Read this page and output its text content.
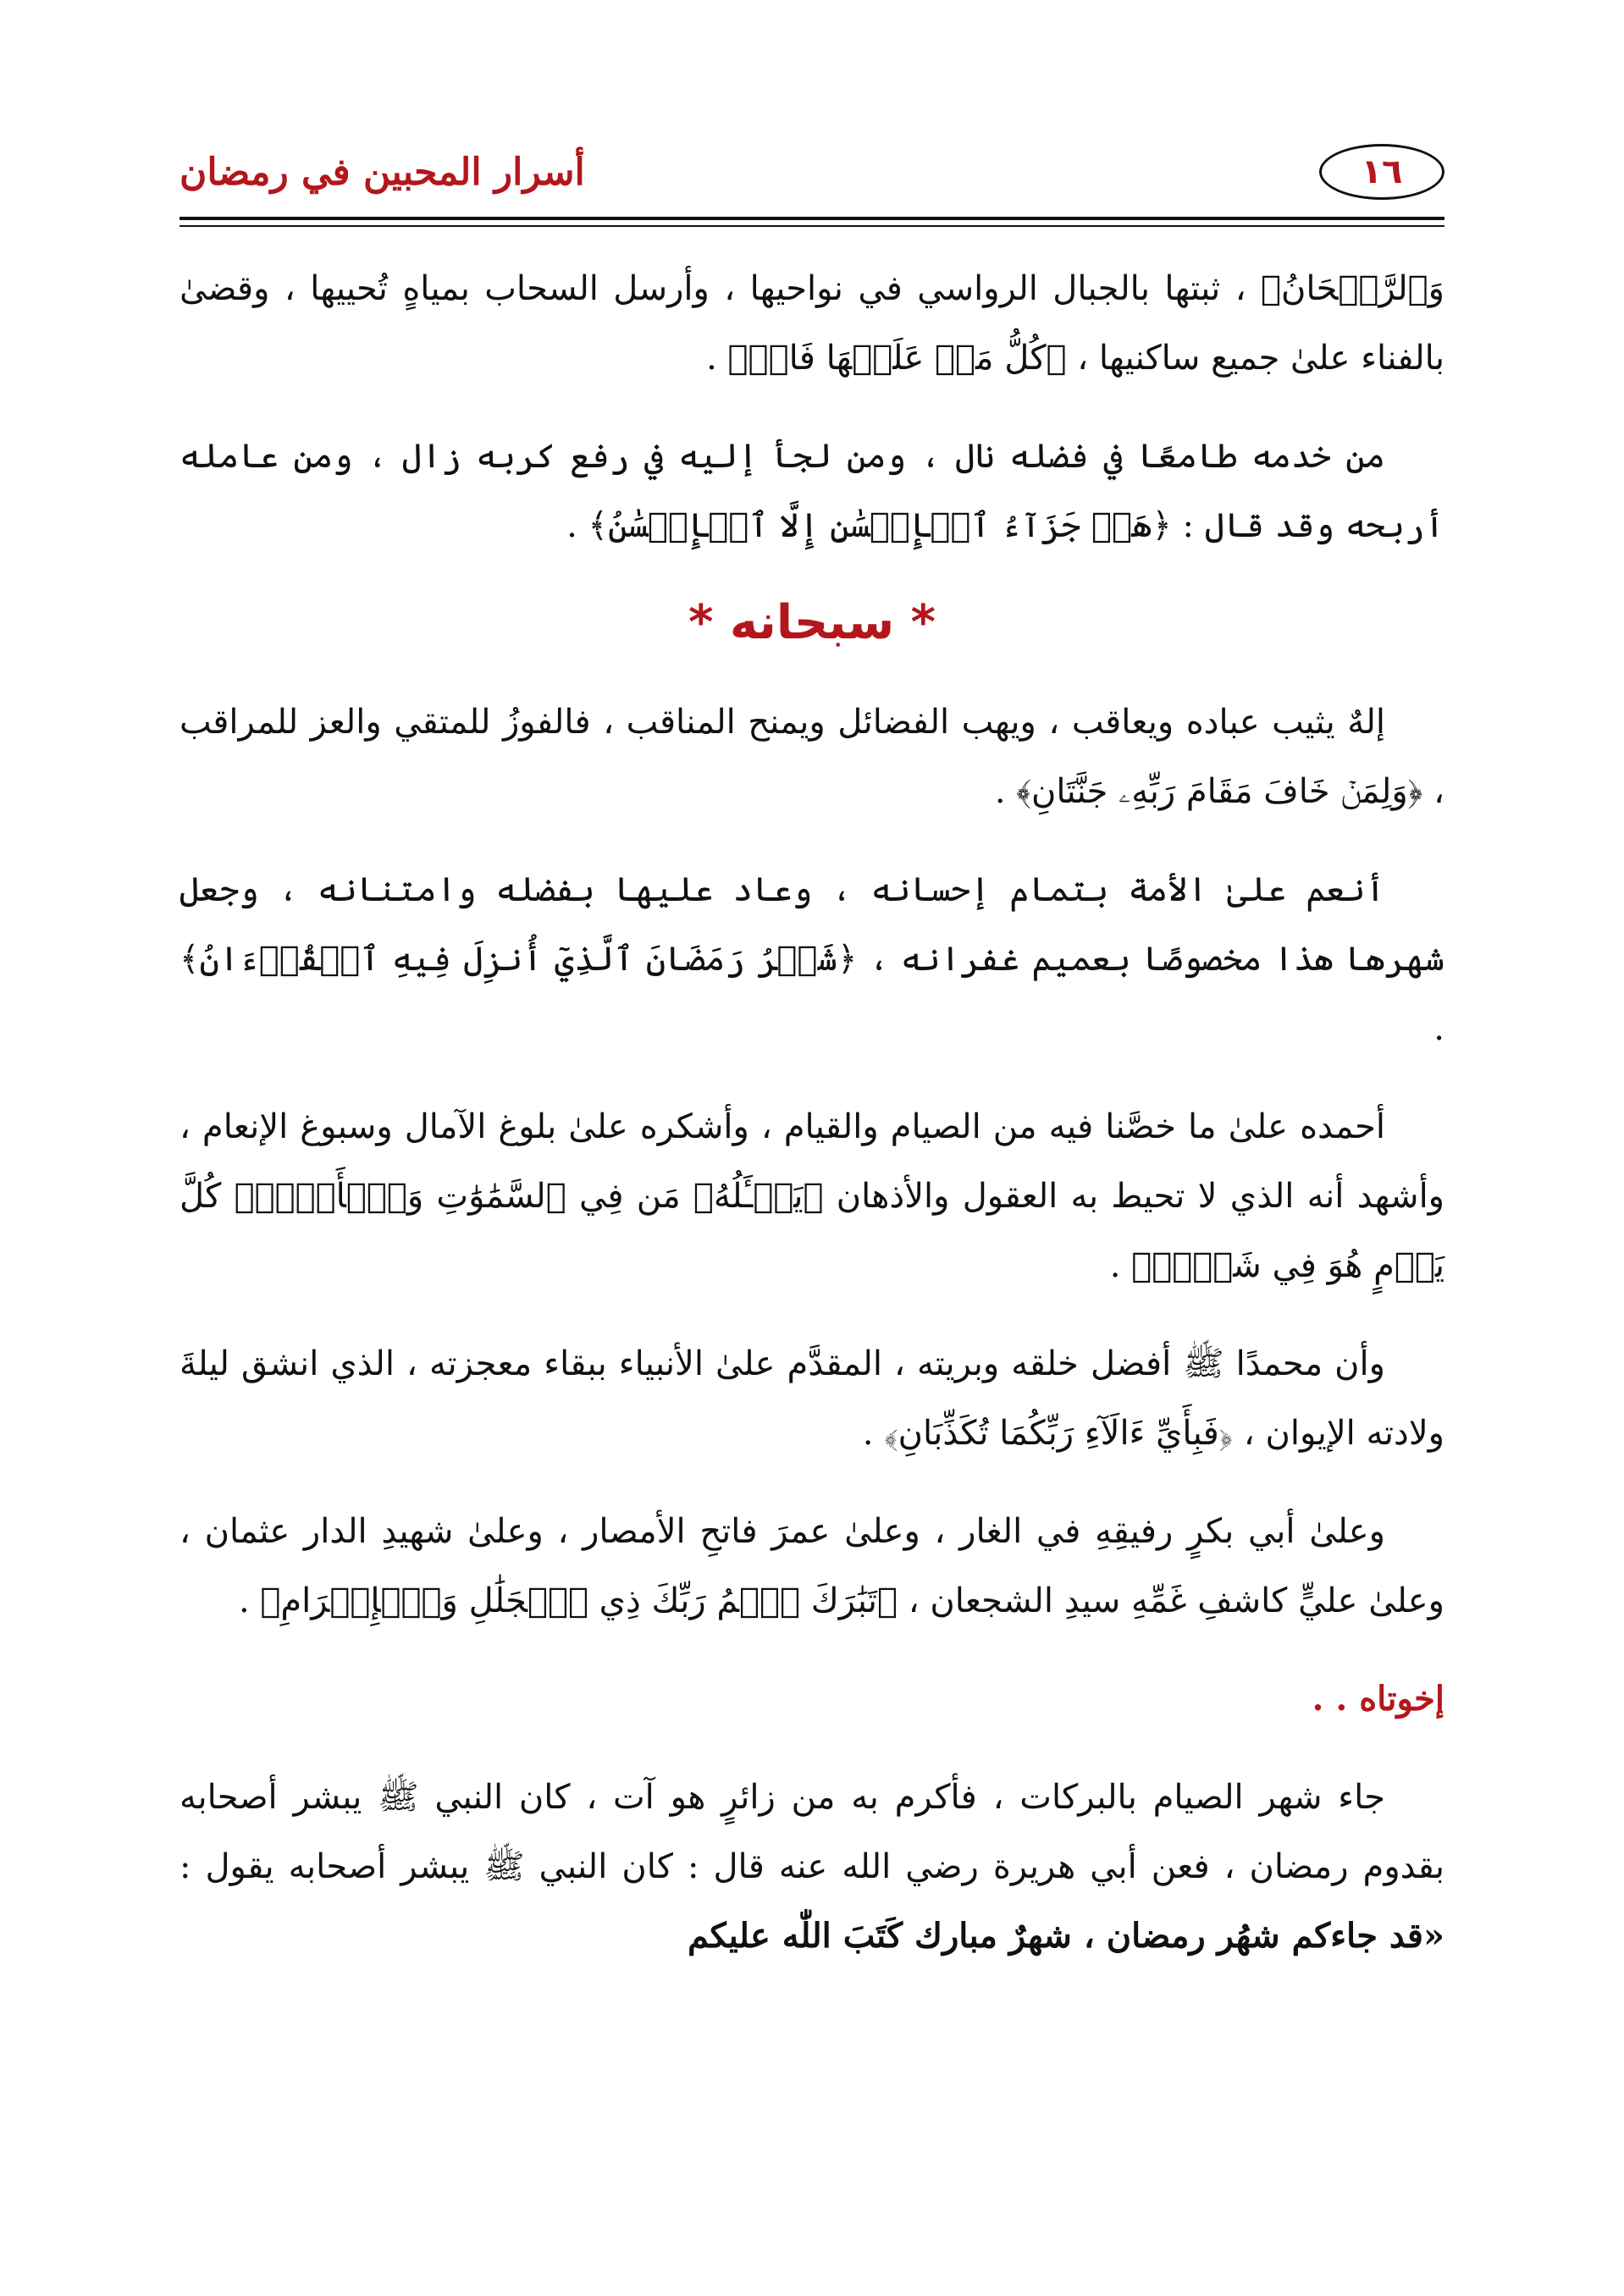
أسرار المحبين في رمضان	١٦

وَٱلرَّيۡحَانُ﴾ ، ثبتها بالجبال الرواسي في نواحيها ، وأرسل السحاب بمياهٍ تُحييها ، وقضىٰ بالفناء علىٰ جميع ساكنيها ، ﴿كُلُّ مَنۡ عَلَيۡهَا فَانٖ﴾ .

من خدمه طامعًا في فضله نال ، ومن لجأ إليه في رفع كربه زال ، ومن عامله أربحه وقد قال : ﴿هَلۡ جَزَآءُ ٱلۡإِحۡسَٰنِ إِلَّا ٱلۡإِحۡسَٰنُ﴾ .

* سبحانه *

إلهٌ يثيب عباده ويعاقب ، ويهب الفضائل ويمنح المناقب ، فالفوزُ للمتقي والعز للمراقب ، ﴿وَلِمَنۡ خَافَ مَقَامَ رَبِّهِۦ جَنَّتَانِ﴾ .

أنعم علىٰ الأمة بتمام إحسانه ، وعاد عليها بفضله وامتنانه ، وجعل شهرها هذا مخصوصًا بعميم غفرانه ، ﴿شَهۡرُ رَمَضَانَ ٱلَّذِيٓ أُنزِلَ فِيهِ ٱلۡقُرۡءَانُ﴾ .

أحمده علىٰ ما خصَّنا فيه من الصيام والقيام ، وأشكره علىٰ بلوغ الآمال وسبوغ الإنعام ، وأشهد أنه الذي لا تحيط به العقول والأذهان ﴿يَسۡـَٔلُهُۥ مَن فِي ٱلسَّمَٰوَٰتِ وَٱلۡأَرۡضِۚ كُلَّ يَوۡمٍ هُوَ فِي شَأۡنٖ﴾ .

وأن محمدًا ﷺ أفضل خلقه وبريته ، المقدَّم علىٰ الأنبياء ببقاء معجزته ، الذي انشق ليلةَ ولادته الإيوان ، ﴿فَبِأَيِّ ءَالَآءِ رَبِّكُمَا تُكَذِّبَانِ﴾ .

وعلىٰ أبي بكرٍ رفيقِهِ في الغار ، وعلىٰ عمرَ فاتحِ الأمصار ، وعلىٰ شهيدِ الدار عثمان ، وعلىٰ عليٍّ كاشفِ غَمِّهِ سيدِ الشجعان ، ﴿تَبَٰرَكَ ٱسۡمُ رَبِّكَ ذِي ٱلۡجَلَٰلِ وَٱلۡإِكۡرَامِ﴾ .

إخوتاه . .

جاء شهر الصيام بالبركات ، فأكرم به من زائرٍ هو آت ، كان النبي ﷺ يبشر أصحابه بقدوم رمضان ، فعن أبي هريرة رضي الله عنه قال : كان النبي ﷺ يبشر أصحابه يقول : «قد جاءكم شهُر رمضان ، شهرٌ مبارك كَتَبَ اللّٰه عليكم
